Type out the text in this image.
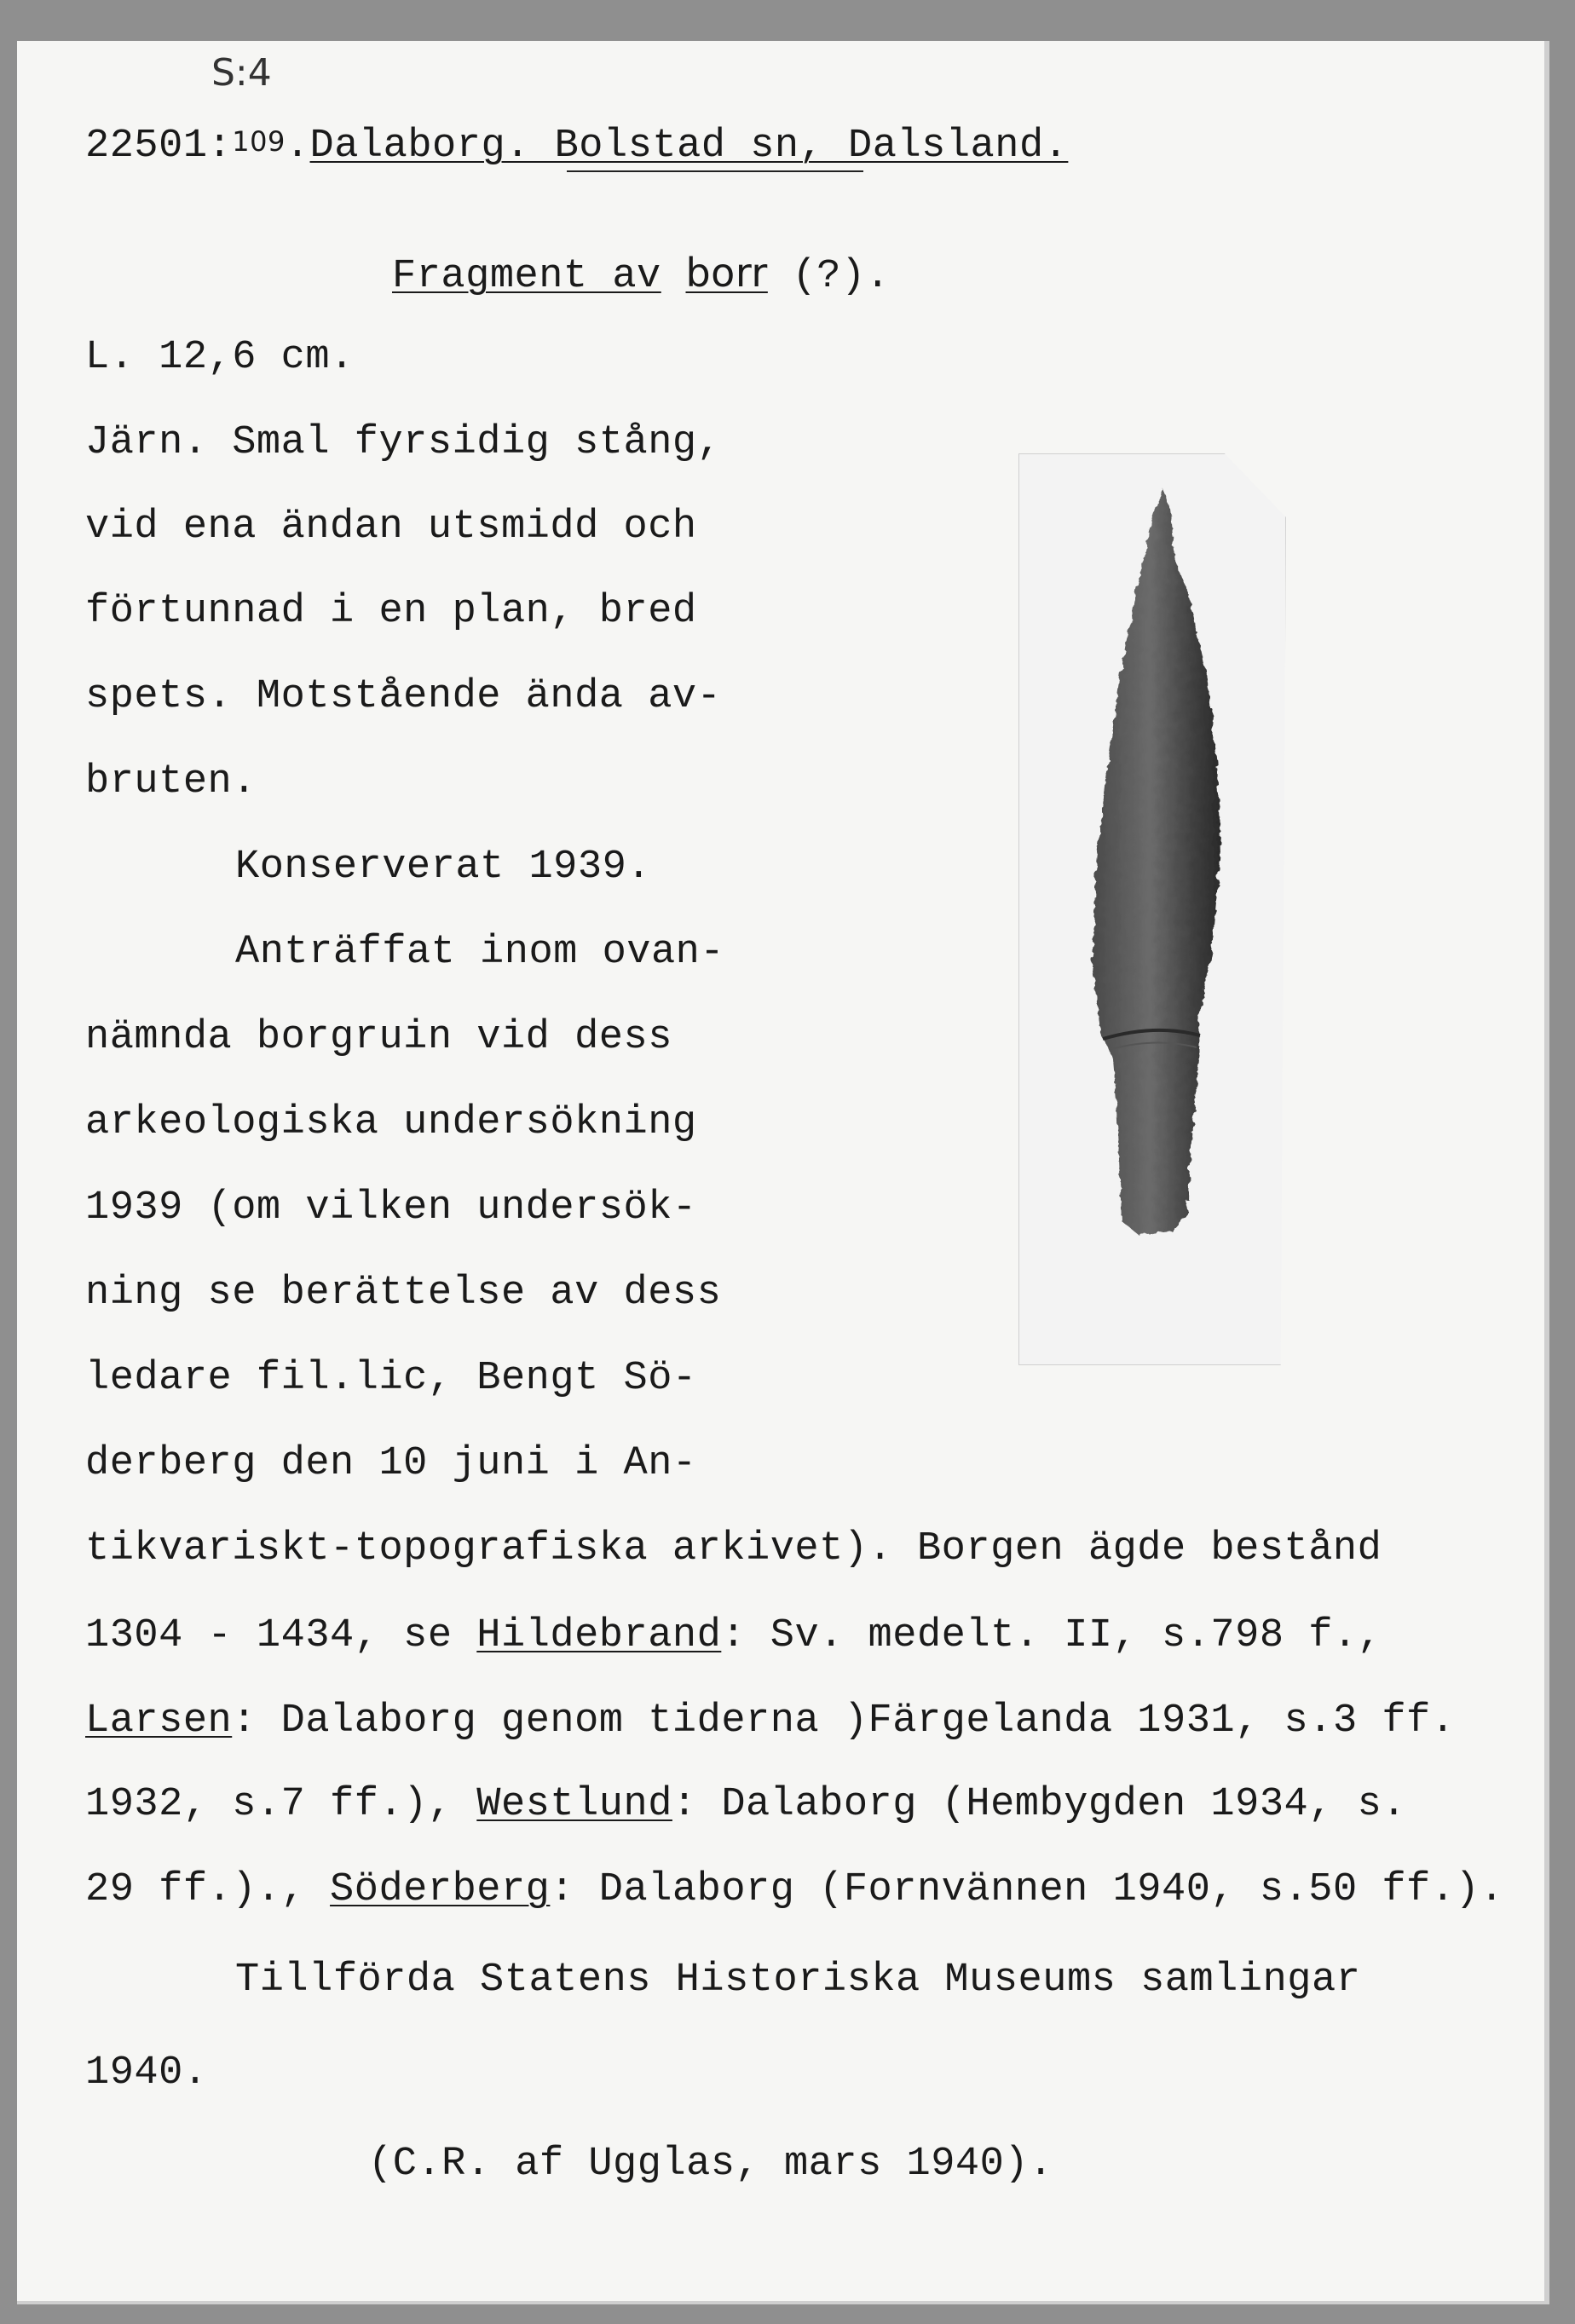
S:4
22501:109.Dalaborg. Bolstad sn, Dalsland.
Fragment av borr (?).
L. 12,6 cm.
Järn. Smal fyrsidig stång,
vid ena ändan utsmidd och
förtunnad i en plan, bred
spets. Motstående ända av-
bruten.
Konserverat 1939.
Anträffat inom ovan-
nämnda borgruin vid dess
arkeologiska undersökning
1939 (om vilken undersök-
ning se berättelse av dess
ledare fil.lic, Bengt Sö-
derberg den 10 juni i An-
tikvariskt-topografiska arkivet). Borgen ägde bestånd
1304 - 1434, se Hildebrand: Sv. medelt. II, s.798 f.,
Larsen: Dalaborg genom tiderna )Färgelanda 1931, s.3 ff.
1932, s.7 ff.), Westlund: Dalaborg (Hembygden 1934, s.
29 ff.)., Söderberg: Dalaborg (Fornvännen 1940, s.50 ff.).
Tillförda Statens Historiska Museums samlingar
1940.
(C.R. af Ugglas, mars 1940).
